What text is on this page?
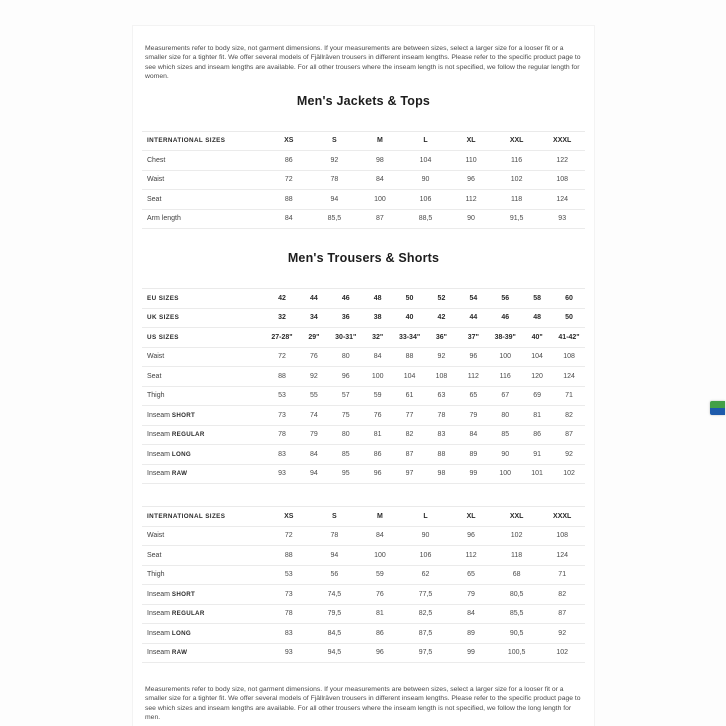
Measurements refer to body size, not garment dimensions. If your measurements are between sizes, select a larger size for a looser fit or a smaller size for a tighter fit. We offer several models of Fjällräven trousers in different inseam lengths. Please refer to the specific product page to see which sizes and inseam lengths are available. For all other trousers where the inseam length is not specified, we follow the regular length for women.

Men's Jackets & Tops
INTERNATIONAL SIZES	XS	S	M	L	XL	XXL	XXXL
Chest	86	92	98	104	110	116	122
Waist	72	78	84	90	96	102	108
Seat	88	94	100	106	112	118	124
Arm length	84	85,5	87	88,5	90	91,5	93
Men's Trousers & Shorts
EU SIZES	42	44	46	48	50	52	54	56	58	60
UK SIZES	32	34	36	38	40	42	44	46	48	50
US SIZES	27-28"	29"	30-31"	32"	33-34"	36"	37"	38-39"	40"	41-42"
Waist	72	76	80	84	88	92	96	100	104	108
Seat	88	92	96	100	104	108	112	116	120	124
Thigh	53	55	57	59	61	63	65	67	69	71
Inseam SHORT	73	74	75	76	77	78	79	80	81	82
Inseam REGULAR	78	79	80	81	82	83	84	85	86	87
Inseam LONG	83	84	85	86	87	88	89	90	91	92
Inseam RAW	93	94	95	96	97	98	99	100	101	102
INTERNATIONAL SIZES	XS	S	M	L	XL	XXL	XXXL
Waist	72	78	84	90	96	102	108
Seat	88	94	100	106	112	118	124
Thigh	53	56	59	62	65	68	71
Inseam SHORT	73	74,5	76	77,5	79	80,5	82
Inseam REGULAR	78	79,5	81	82,5	84	85,5	87
Inseam LONG	83	84,5	86	87,5	89	90,5	92
Inseam RAW	93	94,5	96	97,5	99	100,5	102

Measurements refer to body size, not garment dimensions. If your measurements are between sizes, select a larger size for a looser fit or a smaller size for a tighter fit. We offer several models of Fjällräven trousers in different inseam lengths. Please refer to the specific product page to see which sizes and inseam lengths are available. For all other trousers where the inseam length is not specified, we follow the long length for men.
